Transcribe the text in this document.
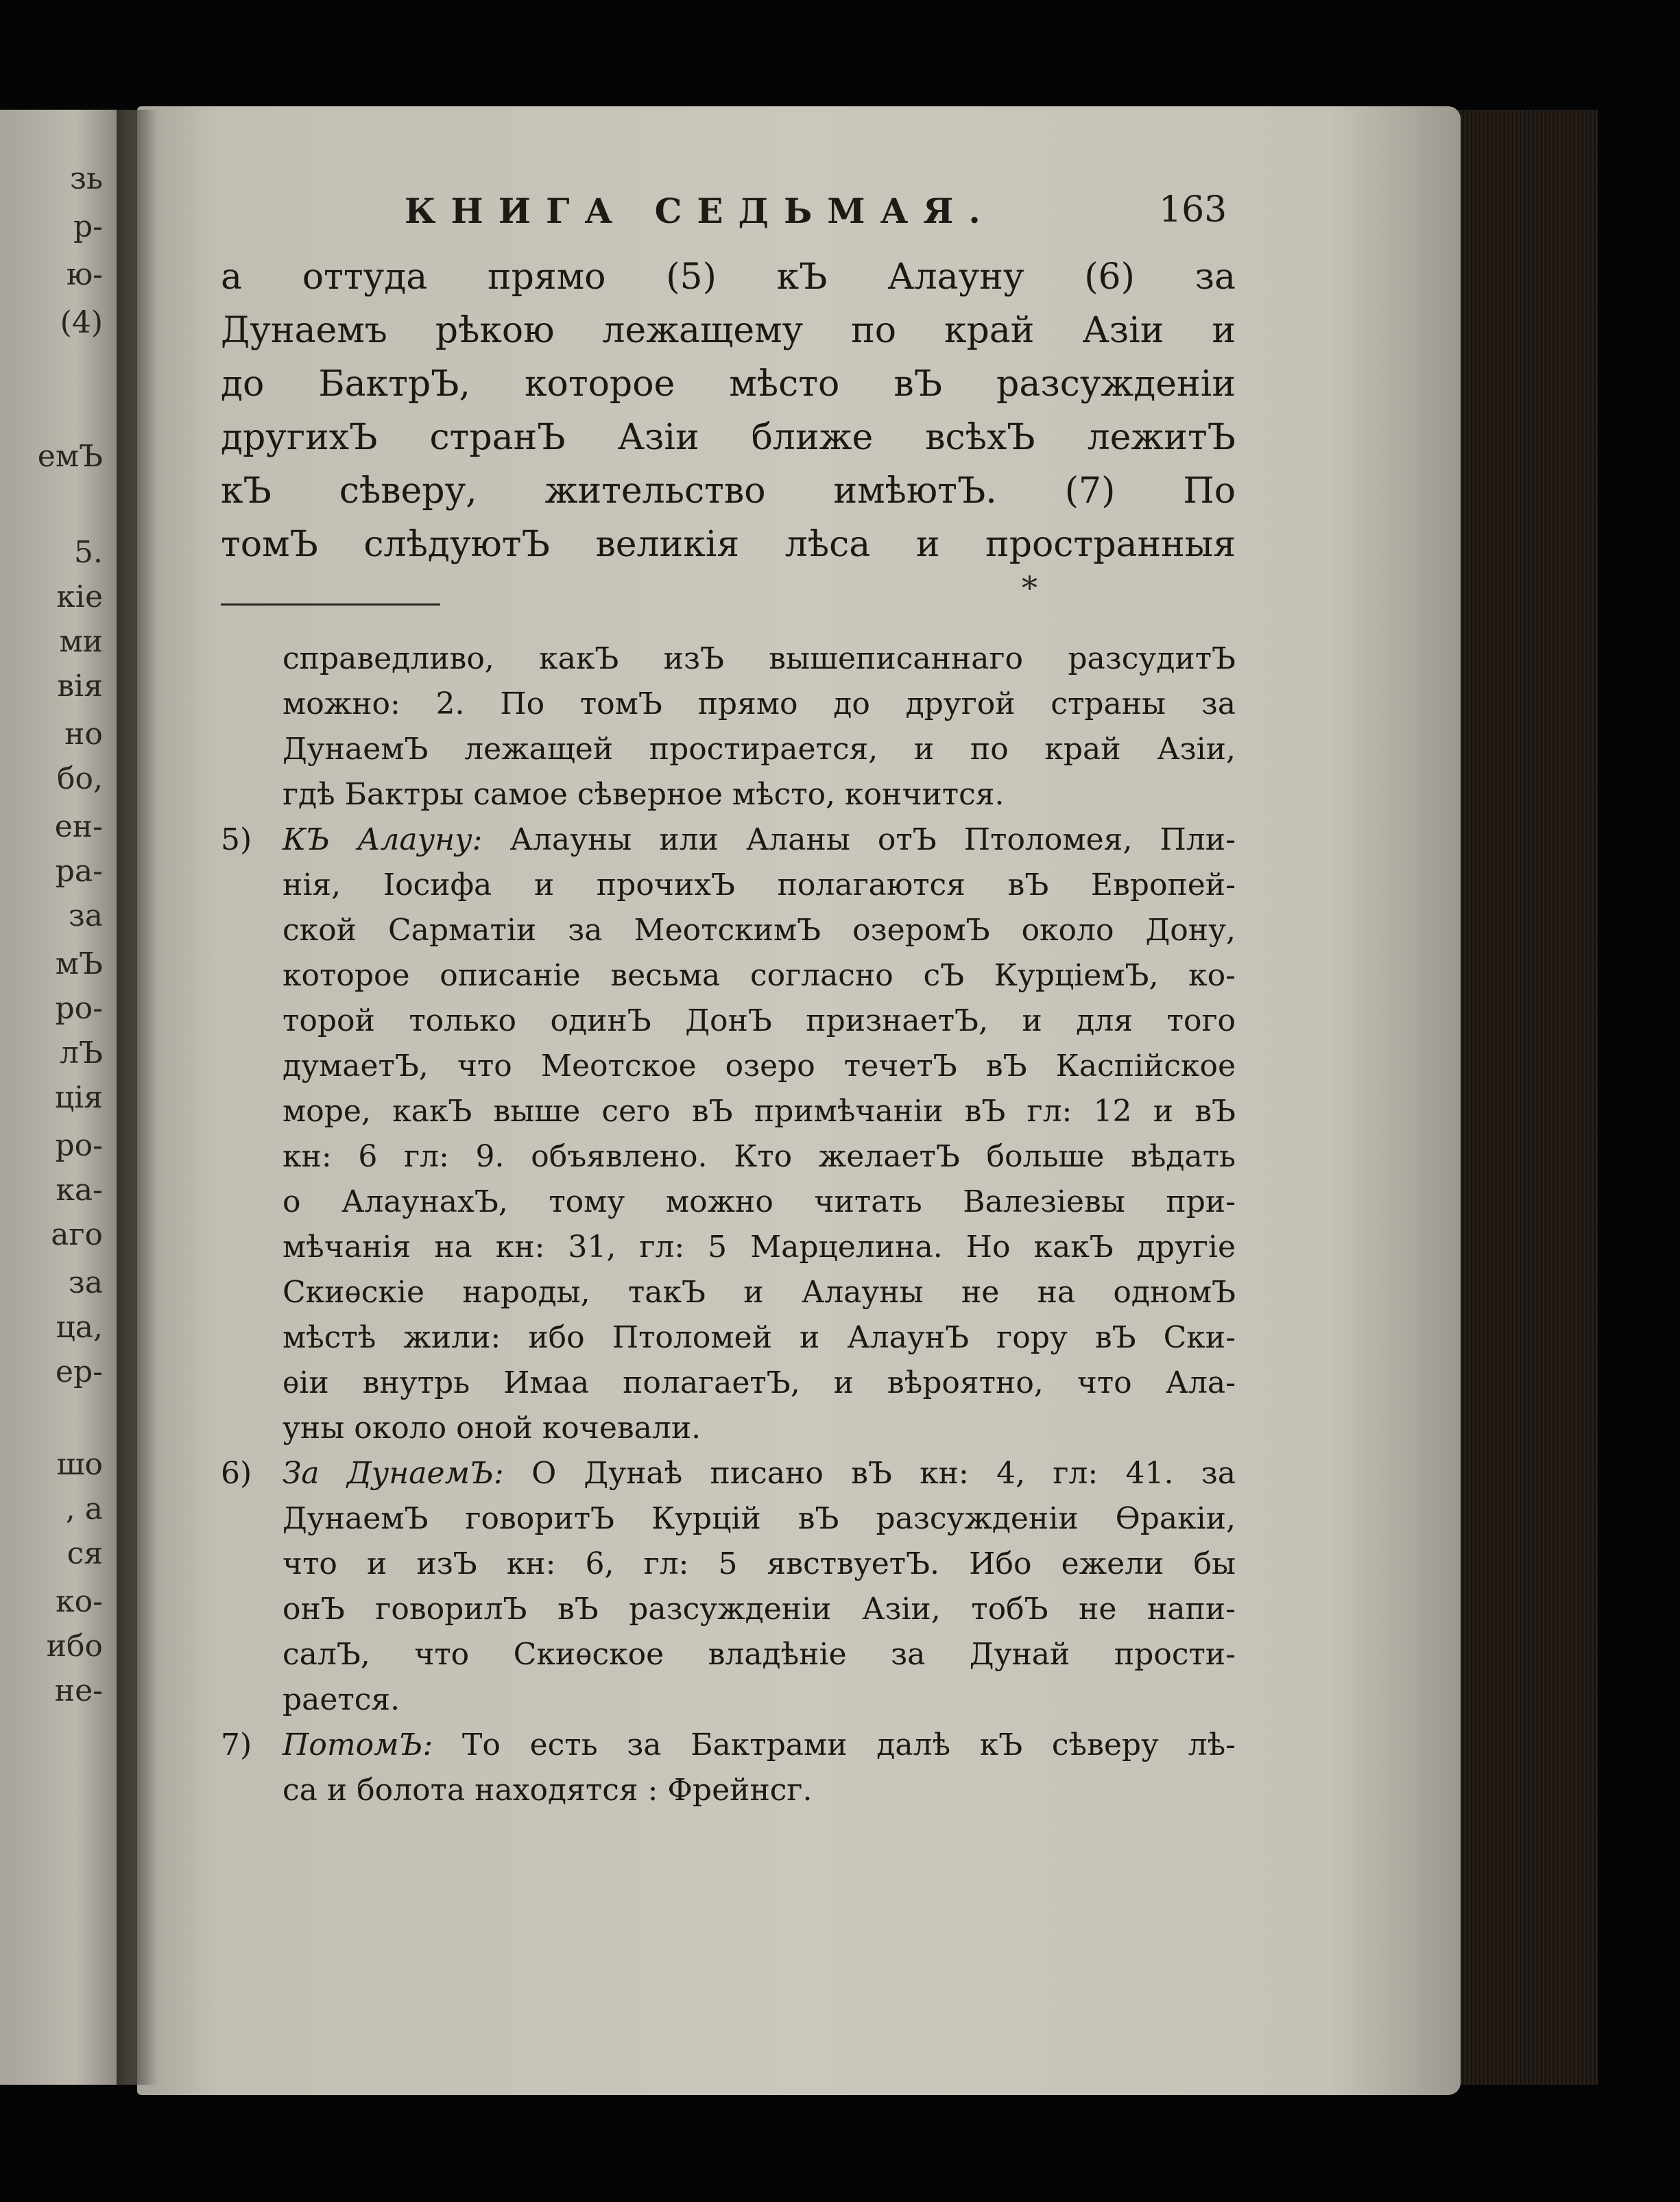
зь
р-
ю-
(4)
емЪ
5.
кie
ми
вiя
но
бо,
ен-
ра-
за
мЪ
ро-
лЪ
цiя
ро-
ка-
аго
за
ца,
ер-
шо
, а
ся
ко-
ибо
не-
КНИГА СЕДЬМАЯ.	163
а оттуда прямо (5) кЪ Алауну (6) за
Дунаемъ рѣкою лежащему по край Азiи и
до БактрЪ, которое мѣсто вЪ разсужденiи
другихЪ странЪ Азiи ближе всѣхЪ лежитЪ
кЪ сѣверу, жительство имѣютЪ. (7) По
томЪ слѣдуютЪ великiя лѣса и пространныя
*
справедливо, какЪ изЪ вышеписаннаго разсудитЪ
можно: 2. По томЪ прямо до другой страны за
ДунаемЪ лежащей простирается, и по край Азiи,
гдѣ Бактры самое сѣверное мѣсто, кончится.
5) КЪ Алауну: Алауны или Аланы отЪ Птоломея, Пли-
нiя, Iосифа и прочихЪ полагаются вЪ Европей-
ской Сарматiи за МеотскимЪ озеромЪ около Дону,
которое описанiе весьма согласно сЪ КурцiемЪ, ко-
торой только одинЪ ДонЪ признаетЪ, и для того
думаетЪ, что Меотское озеро течетЪ вЪ Каспiйское
море, какЪ выше сего вЪ примѣчанiи вЪ гл: 12 и вЪ
кн: 6 гл: 9. объявлено. Кто желаетЪ больше вѣдать
о АлаунахЪ, тому можно читать Валезiевы при-
мѣчанiя на кн: 31, гл: 5 Марцелина. Но какЪ другiе
Скиѳскiе народы, такЪ и Алауны не на одномЪ
мѣстѣ жили: ибо Птоломей и АлаунЪ гору вЪ Ски-
ѳiи внутрь Имаа полагаетЪ, и вѣроятно, что Ала-
уны около оной кочевали.
6) За ДунаемЪ: О Дунаѣ писано вЪ кн: 4, гл: 41. за
ДунаемЪ говоритЪ Курцiй вЪ разсужденiи Ѳракiи,
что и изЪ кн: 6, гл: 5 явствуетЪ. Ибо ежели бы
онЪ говорилЪ вЪ разсужденiи Азiи, тобЪ не напи-
салЪ, что Скиѳское владѣнiе за Дунай прости-
рается.
7) ПотомЪ: То есть за Бактрами далѣ кЪ сѣверу лѣ-
са и болота находятся : Фрейнсг.
